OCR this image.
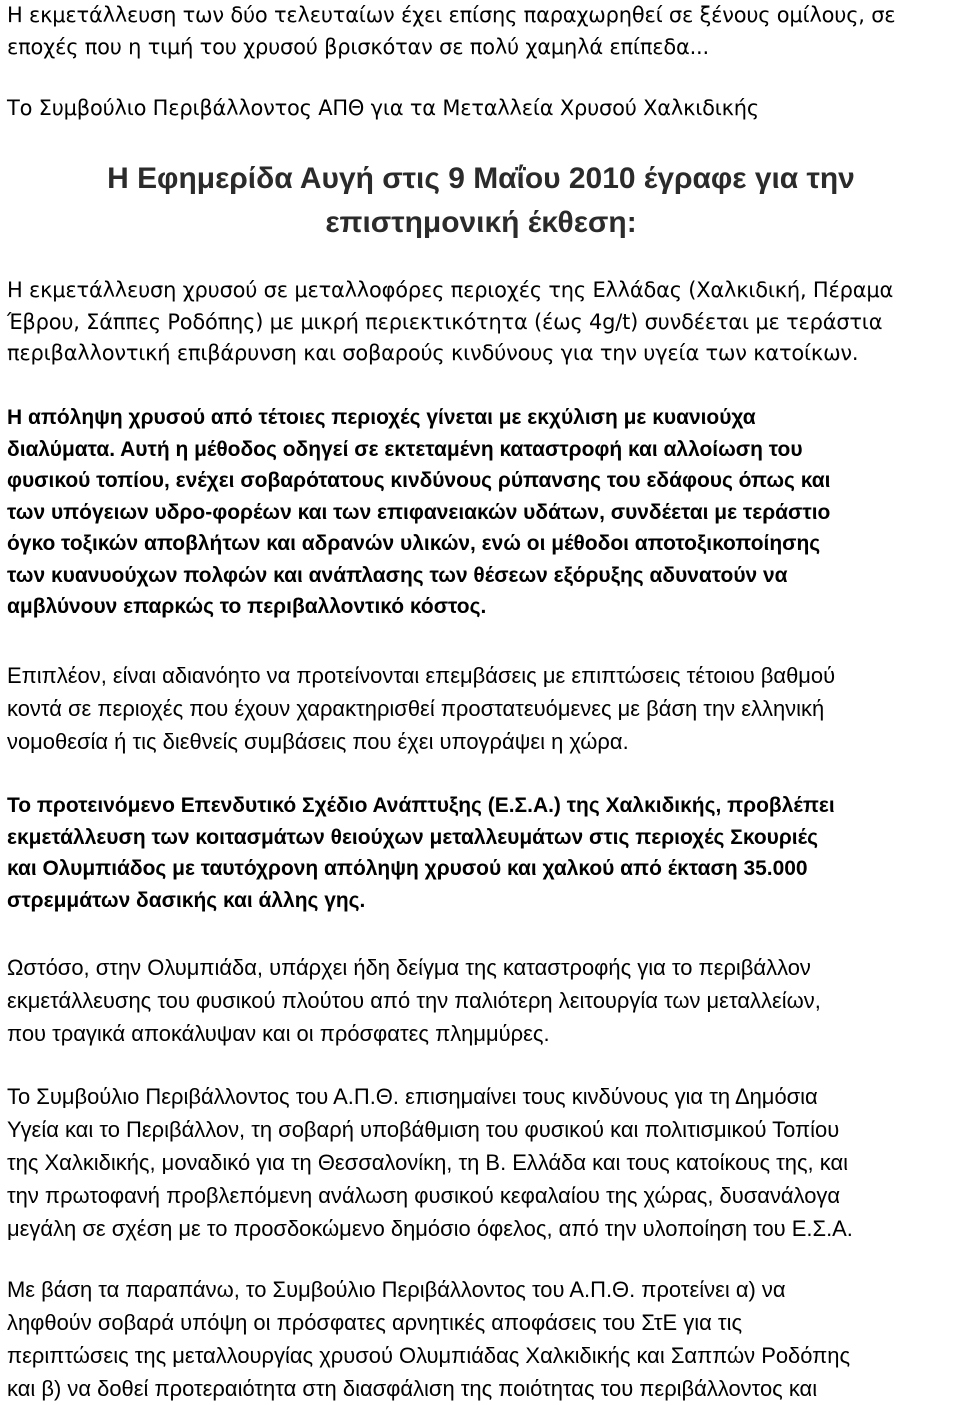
Η εκμετάλλευση των δύο τελευταίων έχει επίσης παραχωρηθεί σε ξένους ομίλους, σε
εποχές που η τιμή του χρυσού βρισκόταν σε πολύ χαμηλά επίπεδα...
Το Συμβούλιο Περιβάλλοντος ΑΠΘ για τα Μεταλλεία Χρυσού Χαλκιδικής
Η Εφημερίδα Αυγή στις 9 Μαΐου 2010 έγραφε για την
επιστημονική έκθεση:
Η εκμετάλλευση χρυσού σε μεταλλοφόρες περιοχές της Ελλάδας (Χαλκιδική, Πέραμα
Έβρου, Σάππες Ροδόπης) με μικρή περιεκτικότητα (έως 4g/t) συνδέεται με τεράστια
περιβαλλοντική επιβάρυνση και σοβαρούς κινδύνους για την υγεία των κατοίκων.
Η απόληψη χρυσού από τέτοιες περιοχές γίνεται με εκχύλιση με κυανιούχα
διαλύματα. Αυτή η μέθοδος οδηγεί σε εκτεταμένη καταστροφή και αλλοίωση του
φυσικού τοπίου, ενέχει σοβαρότατους κινδύνους ρύπανσης του εδάφους όπως και
των υπόγειων υδρο-φορέων και των επιφανειακών υδάτων, συνδέεται με τεράστιο
όγκο τοξικών αποβλήτων και αδρανών υλικών, ενώ οι μέθοδοι αποτοξικοποίησης
των κυανυούχων πολφών και ανάπλασης των θέσεων εξόρυξης αδυνατούν να
αμβλύνουν επαρκώς το περιβαλλοντικό κόστος.
Επιπλέον, είναι αδιανόητο να προτείνονται επεμβάσεις με επιπτώσεις τέτοιου βαθμού
κοντά σε περιοχές που έχουν χαρακτηρισθεί προστατευόμενες με βάση την ελληνική
νομοθεσία ή τις διεθνείς συμβάσεις που έχει υπογράψει η χώρα.
Το προτεινόμενο Επενδυτικό Σχέδιο Ανάπτυξης (Ε.Σ.Α.) της Χαλκιδικής, προβλέπει
εκμετάλλευση των κοιτασμάτων θειούχων μεταλλευμάτων στις περιοχές Σκουριές
και Ολυμπιάδος με ταυτόχρονη απόληψη χρυσού και χαλκού από έκταση 35.000
στρεμμάτων δασικής και άλλης γης.
Ωστόσο, στην Ολυμπιάδα, υπάρχει ήδη δείγμα της καταστροφής για το περιβάλλον
εκμετάλλευσης του φυσικού πλούτου από την παλιότερη λειτουργία των μεταλλείων,
που τραγικά αποκάλυψαν και οι πρόσφατες πλημμύρες.
Το Συμβούλιο Περιβάλλοντος του Α.Π.Θ. επισημαίνει τους κινδύνους για τη Δημόσια
Υγεία και το Περιβάλλον, τη σοβαρή υποβάθμιση του φυσικού και πολιτισμικού Τοπίου
της Χαλκιδικής, μοναδικό για τη Θεσσαλονίκη, τη Β. Ελλάδα και τους κατοίκους της, και
την πρωτοφανή προβλεπόμενη ανάλωση φυσικού κεφαλαίου της χώρας, δυσανάλογα
μεγάλη σε σχέση με το προσδοκώμενο δημόσιο όφελος, από την υλοποίηση του Ε.Σ.Α.
Με βάση τα παραπάνω, το Συμβούλιο Περιβάλλοντος του Α.Π.Θ. προτείνει α) να
ληφθούν σοβαρά υπόψη οι πρόσφατες αρνητικές αποφάσεις του ΣτΕ για τις
περιπτώσεις της μεταλλουργίας χρυσού Ολυμπιάδας Χαλκιδικής και Σαππών Ροδόπης
και β) να δοθεί προτεραιότητα στη διασφάλιση της ποιότητας του περιβάλλοντος και
